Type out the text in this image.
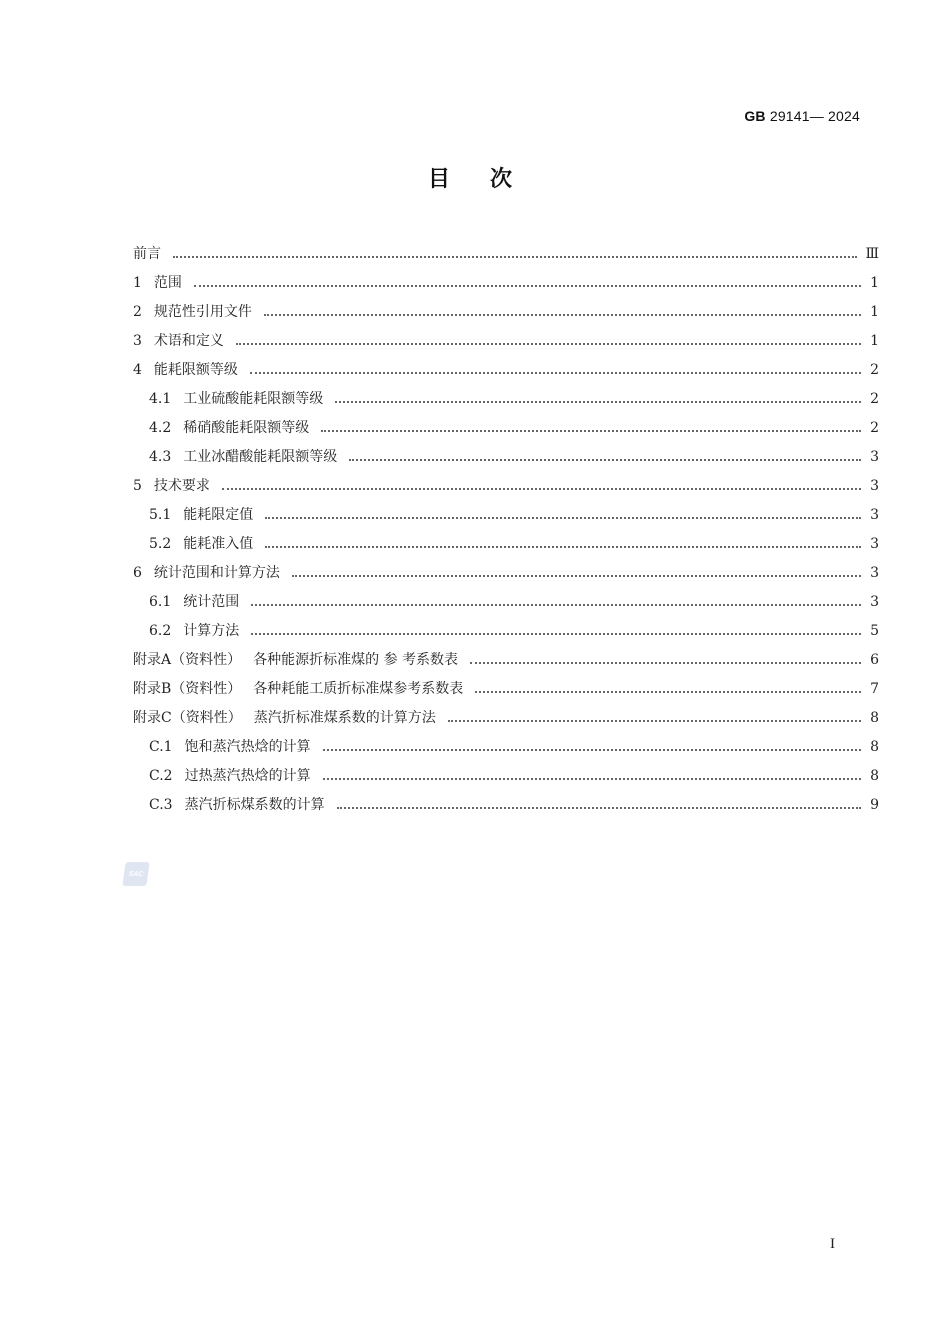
GB 29141— 2024
目次
前言	Ⅲ
1 范围	1
2 规范性引用文件	1
3 术语和定义	1
4 能耗限额等级	2
4.1 工业硫酸能耗限额等级	2
4.2 稀硝酸能耗限额等级	2
4.3 工业冰醋酸能耗限额等级	3
5 技术要求	3
5.1 能耗限定值	3
5.2 能耗准入值	3
6 统计范围和计算方法	3
6.1 统计范围	3
6.2 计算方法	5
附录A（资料性） 各种能源折标准煤的 参 考系数表	6
附录B（资料性） 各种耗能工质折标准煤参考系数表	7
附录C（资料性） 蒸汽折标准煤系数的计算方法	8
C.1 饱和蒸汽热焓的计算	8
C.2 过热蒸汽热焓的计算	8
C.3 蒸汽折标煤系数的计算	9
SAC
I
